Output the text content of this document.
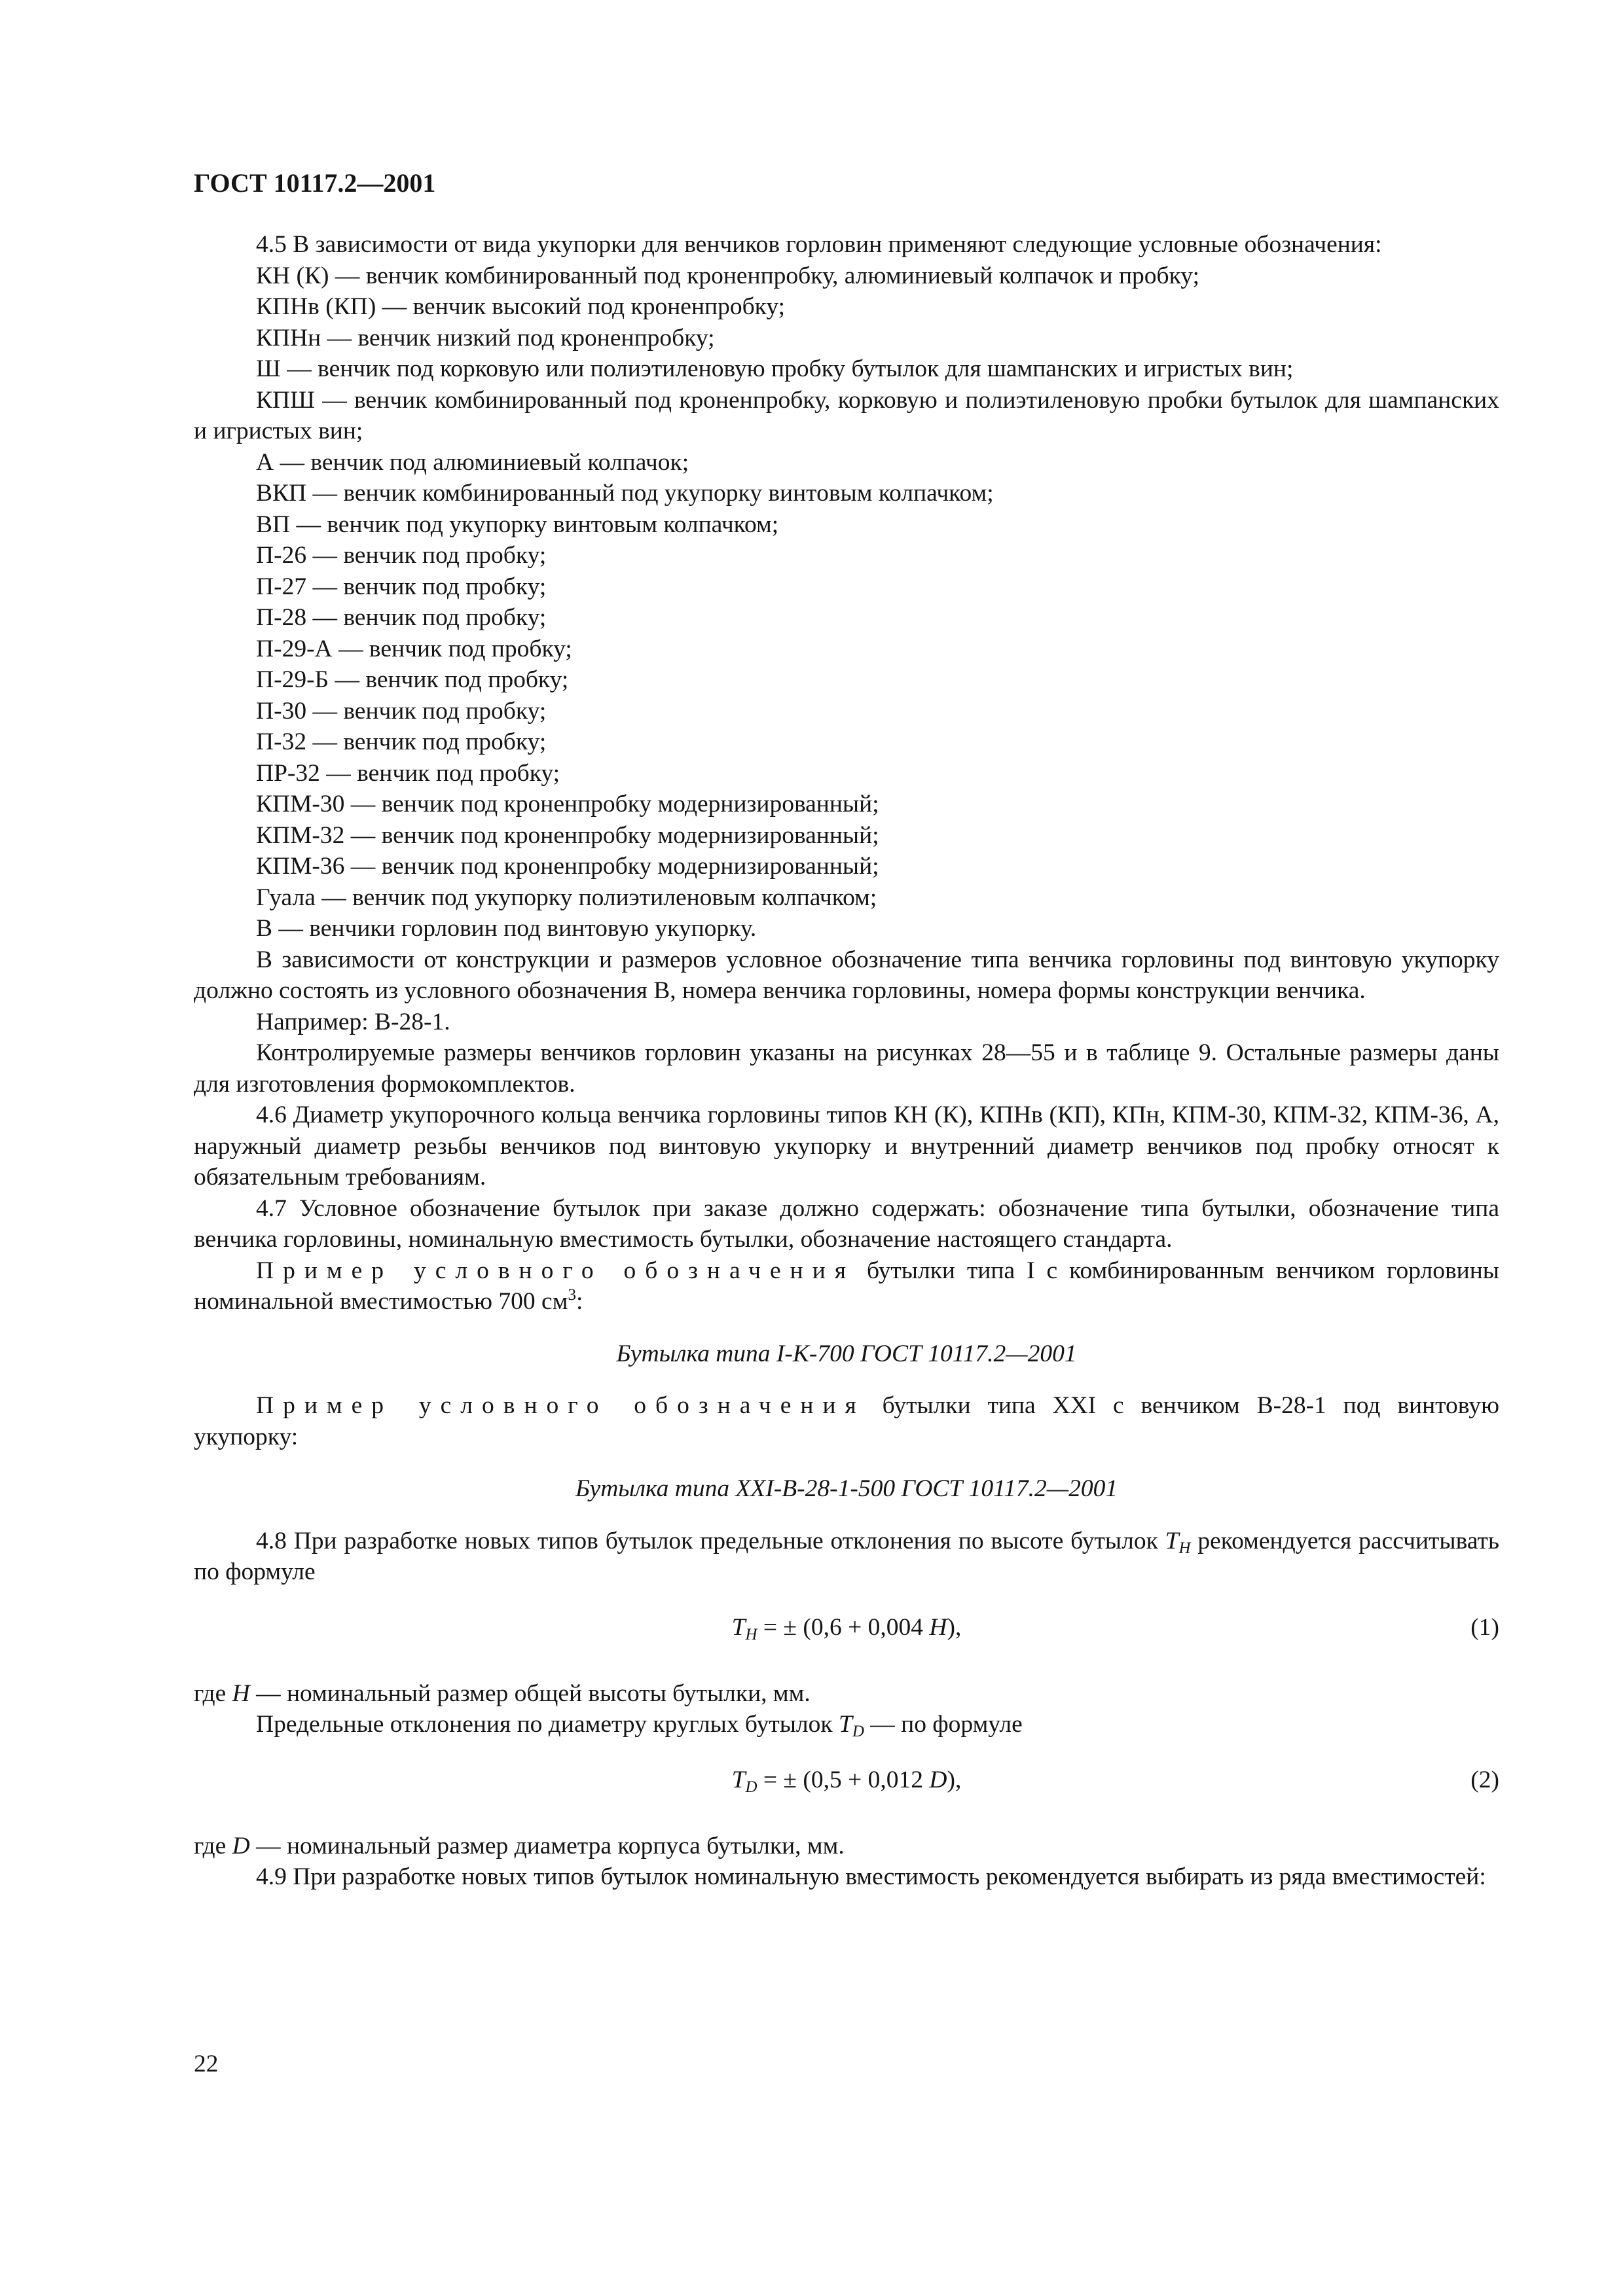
ГОСТ 10117.2—2001

4.5 В зависимости от вида укупорки для венчиков горловин применяют следующие условные обозначения:

КН (К) — венчик комбинированный под кроненпробку, алюминиевый колпачок и пробку;

КПНв (КП) — венчик высокий под кроненпробку;

КПНн — венчик низкий под кроненпробку;

Ш — венчик под корковую или полиэтиленовую пробку бутылок для шампанских и игристых вин;

КПШ — венчик комбинированный под кроненпробку, корковую и полиэтиленовую пробки бутылок для шампанских и игристых вин;

А — венчик под алюминиевый колпачок;

ВКП — венчик комбинированный под укупорку винтовым колпачком;

ВП — венчик под укупорку винтовым колпачком;

П-26 — венчик под пробку;

П-27 — венчик под пробку;

П-28 — венчик под пробку;

П-29-А — венчик под пробку;

П-29-Б — венчик под пробку;

П-30 — венчик под пробку;

П-32 — венчик под пробку;

ПР-32 — венчик под пробку;

КПМ-30 — венчик под кроненпробку модернизированный;

КПМ-32 — венчик под кроненпробку модернизированный;

КПМ-36 — венчик под кроненпробку модернизированный;

Гуала — венчик под укупорку полиэтиленовым колпачком;

В — венчики горловин под винтовую укупорку.

В зависимости от конструкции и размеров условное обозначение типа венчика горловины под винтовую укупорку должно состоять из условного обозначения В, номера венчика горловины, номера формы конструкции венчика.

Например: В-28-1.

Контролируемые размеры венчиков горловин указаны на рисунках 28—55 и в таблице 9. Остальные размеры даны для изготовления формокомплектов.

4.6 Диаметр укупорочного кольца венчика горловины типов КН (К), КПНв (КП), КПн, КПМ-30, КПМ-32, КПМ-36, А, наружный диаметр резьбы венчиков под винтовую укупорку и внутренний диаметр венчиков под пробку относят к обязательным требованиям.

4.7 Условное обозначение бутылок при заказе должно содержать: обозначение типа бутылки, обозначение типа венчика горловины, номинальную вместимость бутылки, обозначение настоящего стандарта.

Пример условного обозначения бутылки типа I с комбинированным венчиком горловины номинальной вместимостью 700 $см^3$:

Бутылка типа I-K-700 ГОСТ 10117.2—2001

Пример условного обозначения бутылки типа XXI с венчиком В-28-1 под винтовую укупорку:

Бутылка типа XXI-B-28-1-500 ГОСТ 10117.2—2001

4.8 При разработке новых типов бутылок предельные отклонения по высоте бутылок $T_H$ рекомендуется рассчитывать по формуле

$T_H$ = ± (0,6 + 0,004 H),	(1)

где H — номинальный размер общей высоты бутылки, мм.

Предельные отклонения по диаметру круглых бутылок $T_D$ — по формуле

$T_D$ = ± (0,5 + 0,012 D),	(2)

где D — номинальный размер диаметра корпуса бутылки, мм.

4.9 При разработке новых типов бутылок номинальную вместимость рекомендуется выбирать из ряда вместимостей:

22
